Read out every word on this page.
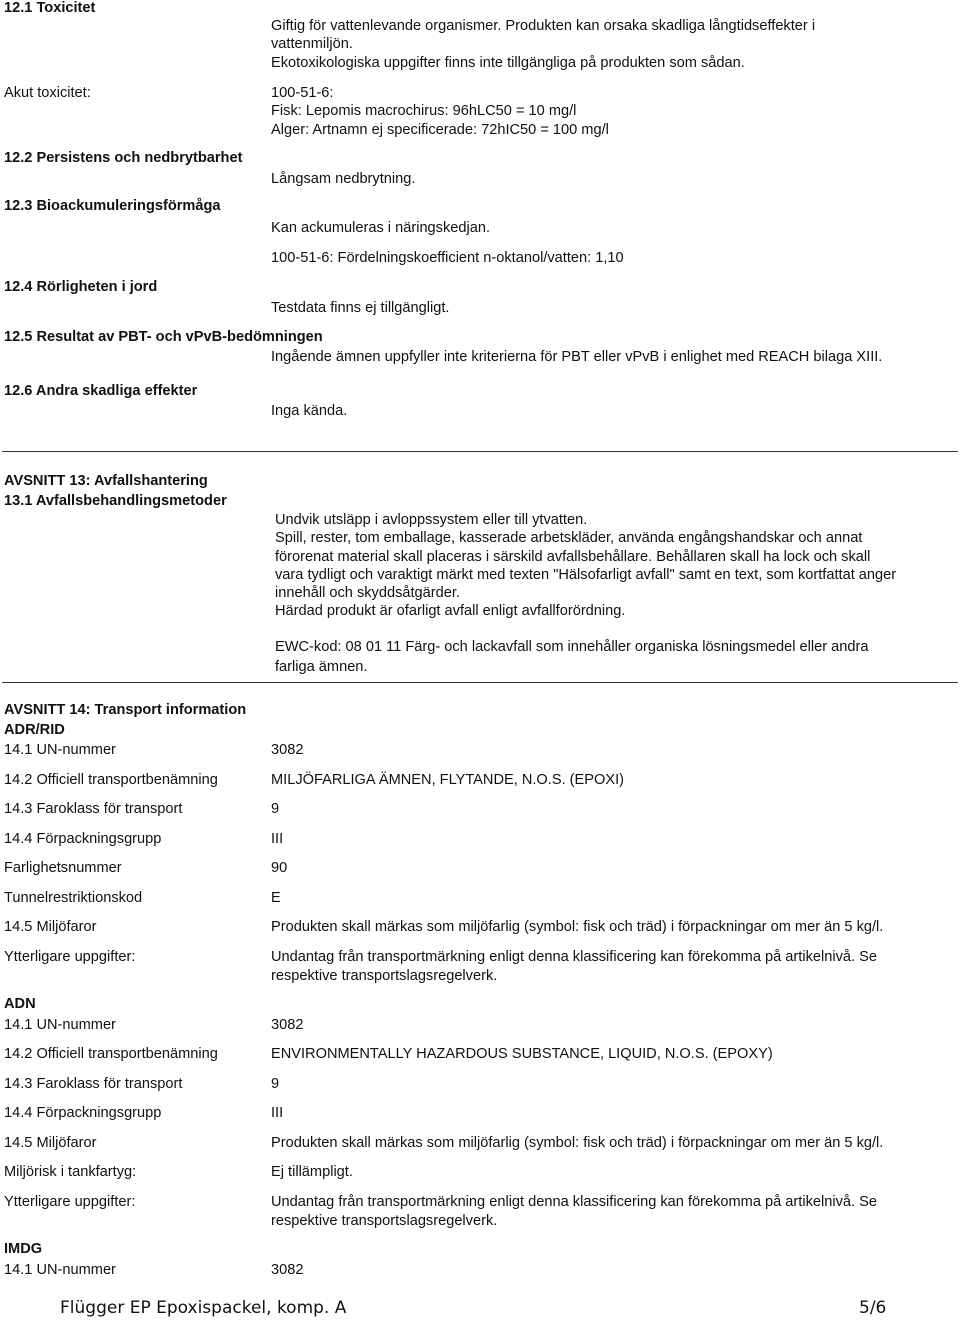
12.1 Toxicitet
Giftig för vattenlevande organismer. Produkten kan orsaka skadliga långtidseffekter i
vattenmiljön.
Ekotoxikologiska uppgifter finns inte tillgängliga på produkten som sådan.
Akut toxicitet:	100-51-6:
Fisk: Lepomis macrochirus: 96hLC50 = 10 mg/l
Alger: Artnamn ej specificerade: 72hIC50 = 100 mg/l
12.2 Persistens och nedbrytbarhet
Långsam nedbrytning.
12.3 Bioackumuleringsförmåga
Kan ackumuleras i näringskedjan.
100-51-6: Fördelningskoefficient n-oktanol/vatten: 1,10
12.4 Rörligheten i jord
Testdata finns ej tillgängligt.
12.5 Resultat av PBT- och vPvB-bedömningen
Ingående ämnen uppfyller inte kriterierna för PBT eller vPvB i enlighet med REACH bilaga XIII.
12.6 Andra skadliga effekter
Inga kända.
AVSNITT 13: Avfallshantering
13.1 Avfallsbehandlingsmetoder
Undvik utsläpp i avloppssystem eller till ytvatten.
Spill, rester, tom emballage, kasserade arbetskläder, använda engångshandskar och annat
förorenat material skall placeras i särskild avfallsbehållare. Behållaren skall ha lock och skall
vara tydligt och varaktigt märkt med texten "Hälsofarligt avfall" samt en text, som kortfattat anger
innehåll och skyddsåtgärder.
Härdad produkt är ofarligt avfall enligt avfallforördning.
EWC-kod: 08 01 11 Färg- och lackavfall som innehåller organiska lösningsmedel eller andra
farliga ämnen.
AVSNITT 14: Transport information
ADR/RID
14.1 UN-nummer	3082
14.2 Officiell transportbenämning	MILJÖFARLIGA ÄMNEN, FLYTANDE, N.O.S. (EPOXI)
14.3 Faroklass för transport	9
14.4 Förpackningsgrupp	III
Farlighetsnummer	90
Tunnelrestriktionskod	E
14.5 Miljöfaror	Produkten skall märkas som miljöfarlig (symbol: fisk och träd) i förpackningar om mer än 5 kg/l.
Ytterligare uppgifter:	Undantag från transportmärkning enligt denna klassificering kan förekomma på artikelnivå. Se
respektive transportslagsregelverk.
ADN
14.1 UN-nummer	3082
14.2 Officiell transportbenämning	ENVIRONMENTALLY HAZARDOUS SUBSTANCE, LIQUID, N.O.S. (EPOXY)
14.3 Faroklass för transport	9
14.4 Förpackningsgrupp	III
14.5 Miljöfaror	Produkten skall märkas som miljöfarlig (symbol: fisk och träd) i förpackningar om mer än 5 kg/l.
Miljörisk i tankfartyg:	Ej tillämpligt.
Ytterligare uppgifter:	Undantag från transportmärkning enligt denna klassificering kan förekomma på artikelnivå. Se
respektive transportslagsregelverk.
IMDG
14.1 UN-nummer	3082
Flügger EP Epoxispackel, komp. A	5/6
